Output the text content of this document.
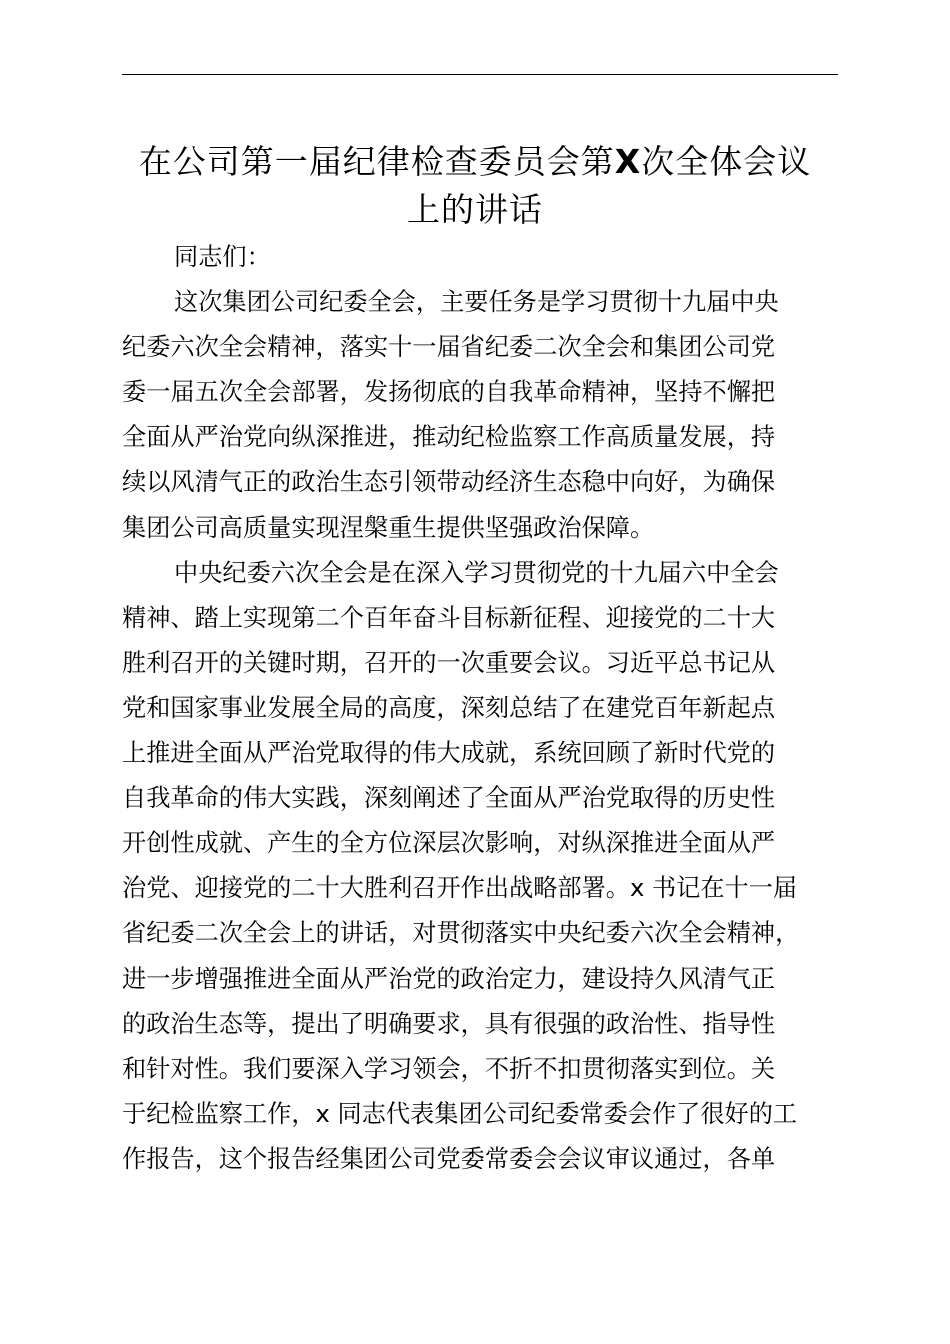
在公司第一届纪律检查委员会第X次全体会议
上的讲话
同志们：
这次集团公司纪委全会，主要任务是学习贯彻十九届中央
纪委六次全会精神，落实十一届省纪委二次全会和集团公司党
委一届五次全会部署，发扬彻底的自我革命精神，坚持不懈把
全面从严治党向纵深推进，推动纪检监察工作高质量发展，持
续以风清气正的政治生态引领带动经济生态稳中向好，为确保
集团公司高质量实现涅槃重生提供坚强政治保障。
中央纪委六次全会是在深入学习贯彻党的十九届六中全会
精神、踏上实现第二个百年奋斗目标新征程、迎接党的二十大
胜利召开的关键时期，召开的一次重要会议。习近平总书记从
党和国家事业发展全局的高度，深刻总结了在建党百年新起点
上推进全面从严治党取得的伟大成就，系统回顾了新时代党的
自我革命的伟大实践，深刻阐述了全面从严治党取得的历史性
开创性成就、产生的全方位深层次影响，对纵深推进全面从严
治党、迎接党的二十大胜利召开作出战略部署。x 书记在十一届
省纪委二次全会上的讲话，对贯彻落实中央纪委六次全会精神，
进一步增强推进全面从严治党的政治定力，建设持久风清气正
的政治生态等，提出了明确要求，具有很强的政治性、指导性
和针对性。我们要深入学习领会，不折不扣贯彻落实到位。关
于纪检监察工作，x 同志代表集团公司纪委常委会作了很好的工
作报告，这个报告经集团公司党委常委会会议审议通过，各单
